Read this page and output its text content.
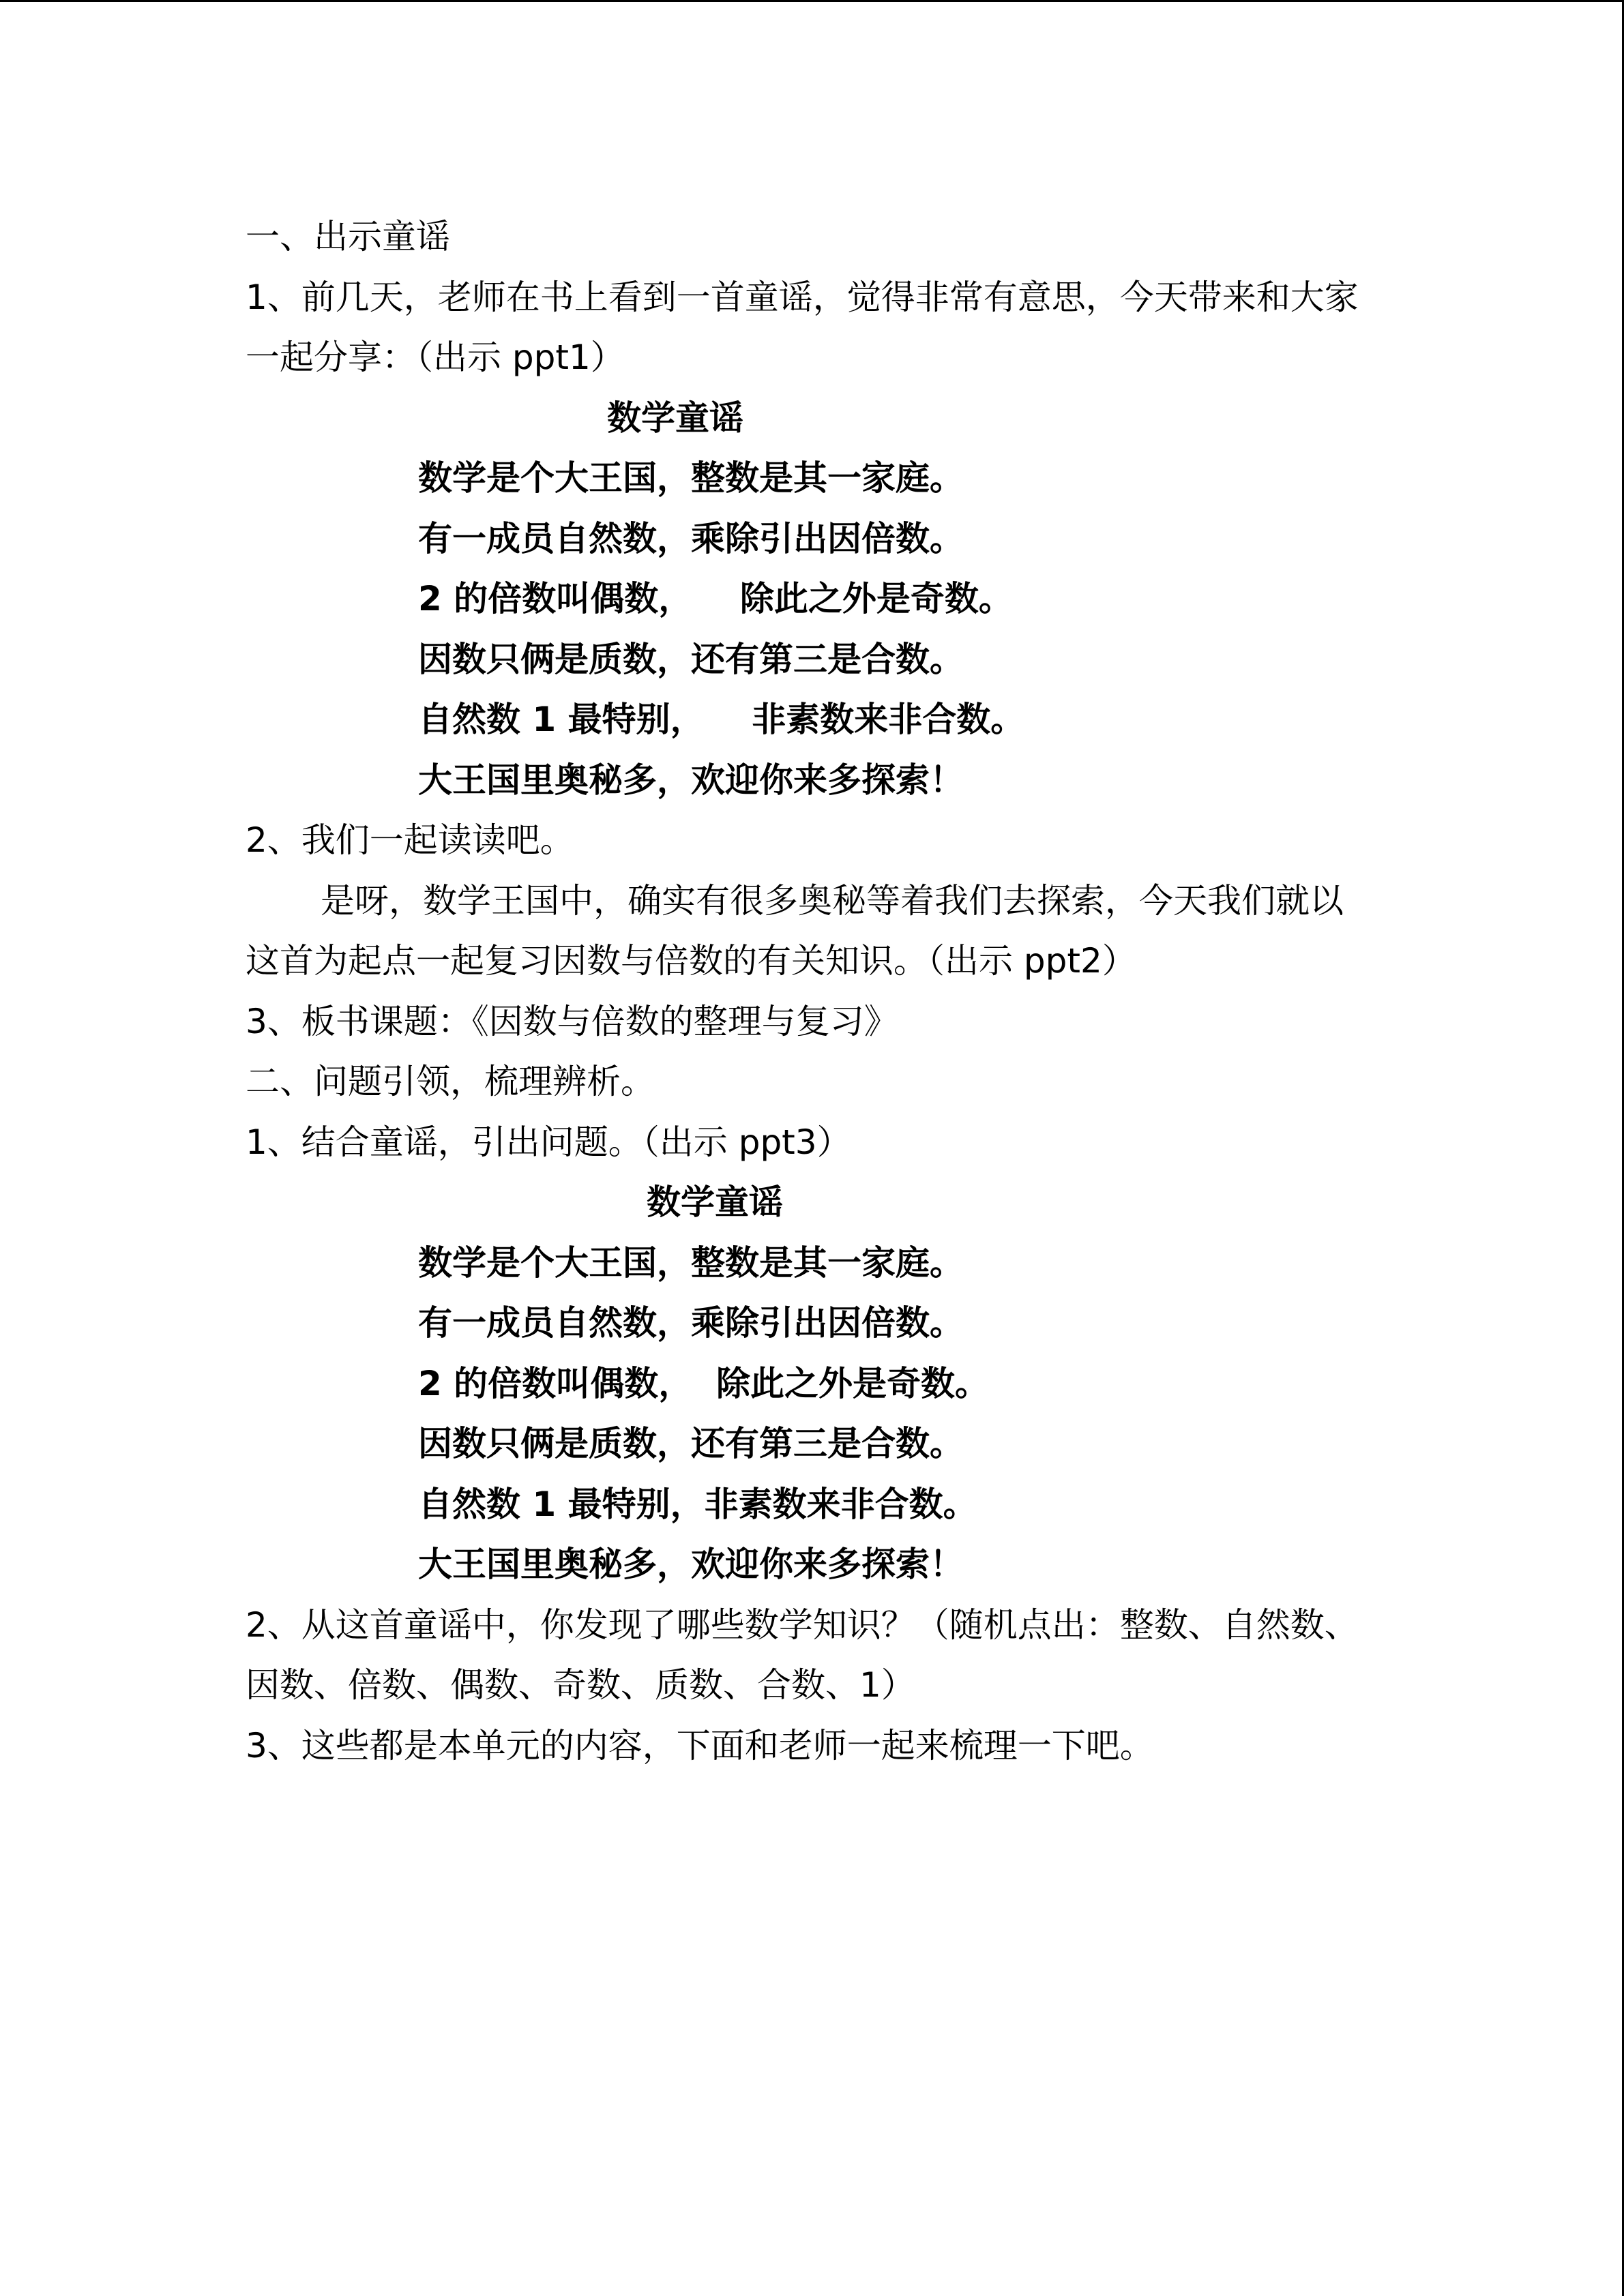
一、出示童谣

1、前几天，老师在书上看到一首童谣，觉得非常有意思，今天带来和大家

一起分享：（出示 ppt1）

数学童谣

数学是个大王国，整数是其一家庭。

有一成员自然数，乘除引出因倍数。

2 的倍数叫偶数，    除此之外是奇数。

因数只俩是质数，还有第三是合数。

自然数 1 最特别，    非素数来非合数。

大王国里奥秘多，欢迎你来多探索！

2、我们一起读读吧。

是呀，数学王国中，确实有很多奥秘等着我们去探索，今天我们就以

这首为起点一起复习因数与倍数的有关知识。（出示 ppt2）

3、板书课题：《因数与倍数的整理与复习》

二、问题引领，梳理辨析。

1、结合童谣，引出问题。（出示 ppt3）

数学童谣

数学是个大王国，整数是其一家庭。

有一成员自然数，乘除引出因倍数。

2 的倍数叫偶数，  除此之外是奇数。

因数只俩是质数，还有第三是合数。

自然数 1 最特别，非素数来非合数。

大王国里奥秘多，欢迎你来多探索！

2、从这首童谣中，你发现了哪些数学知识？（随机点出：整数、自然数、

因数、倍数、偶数、奇数、质数、合数、1）

3、这些都是本单元的内容，下面和老师一起来梳理一下吧。
